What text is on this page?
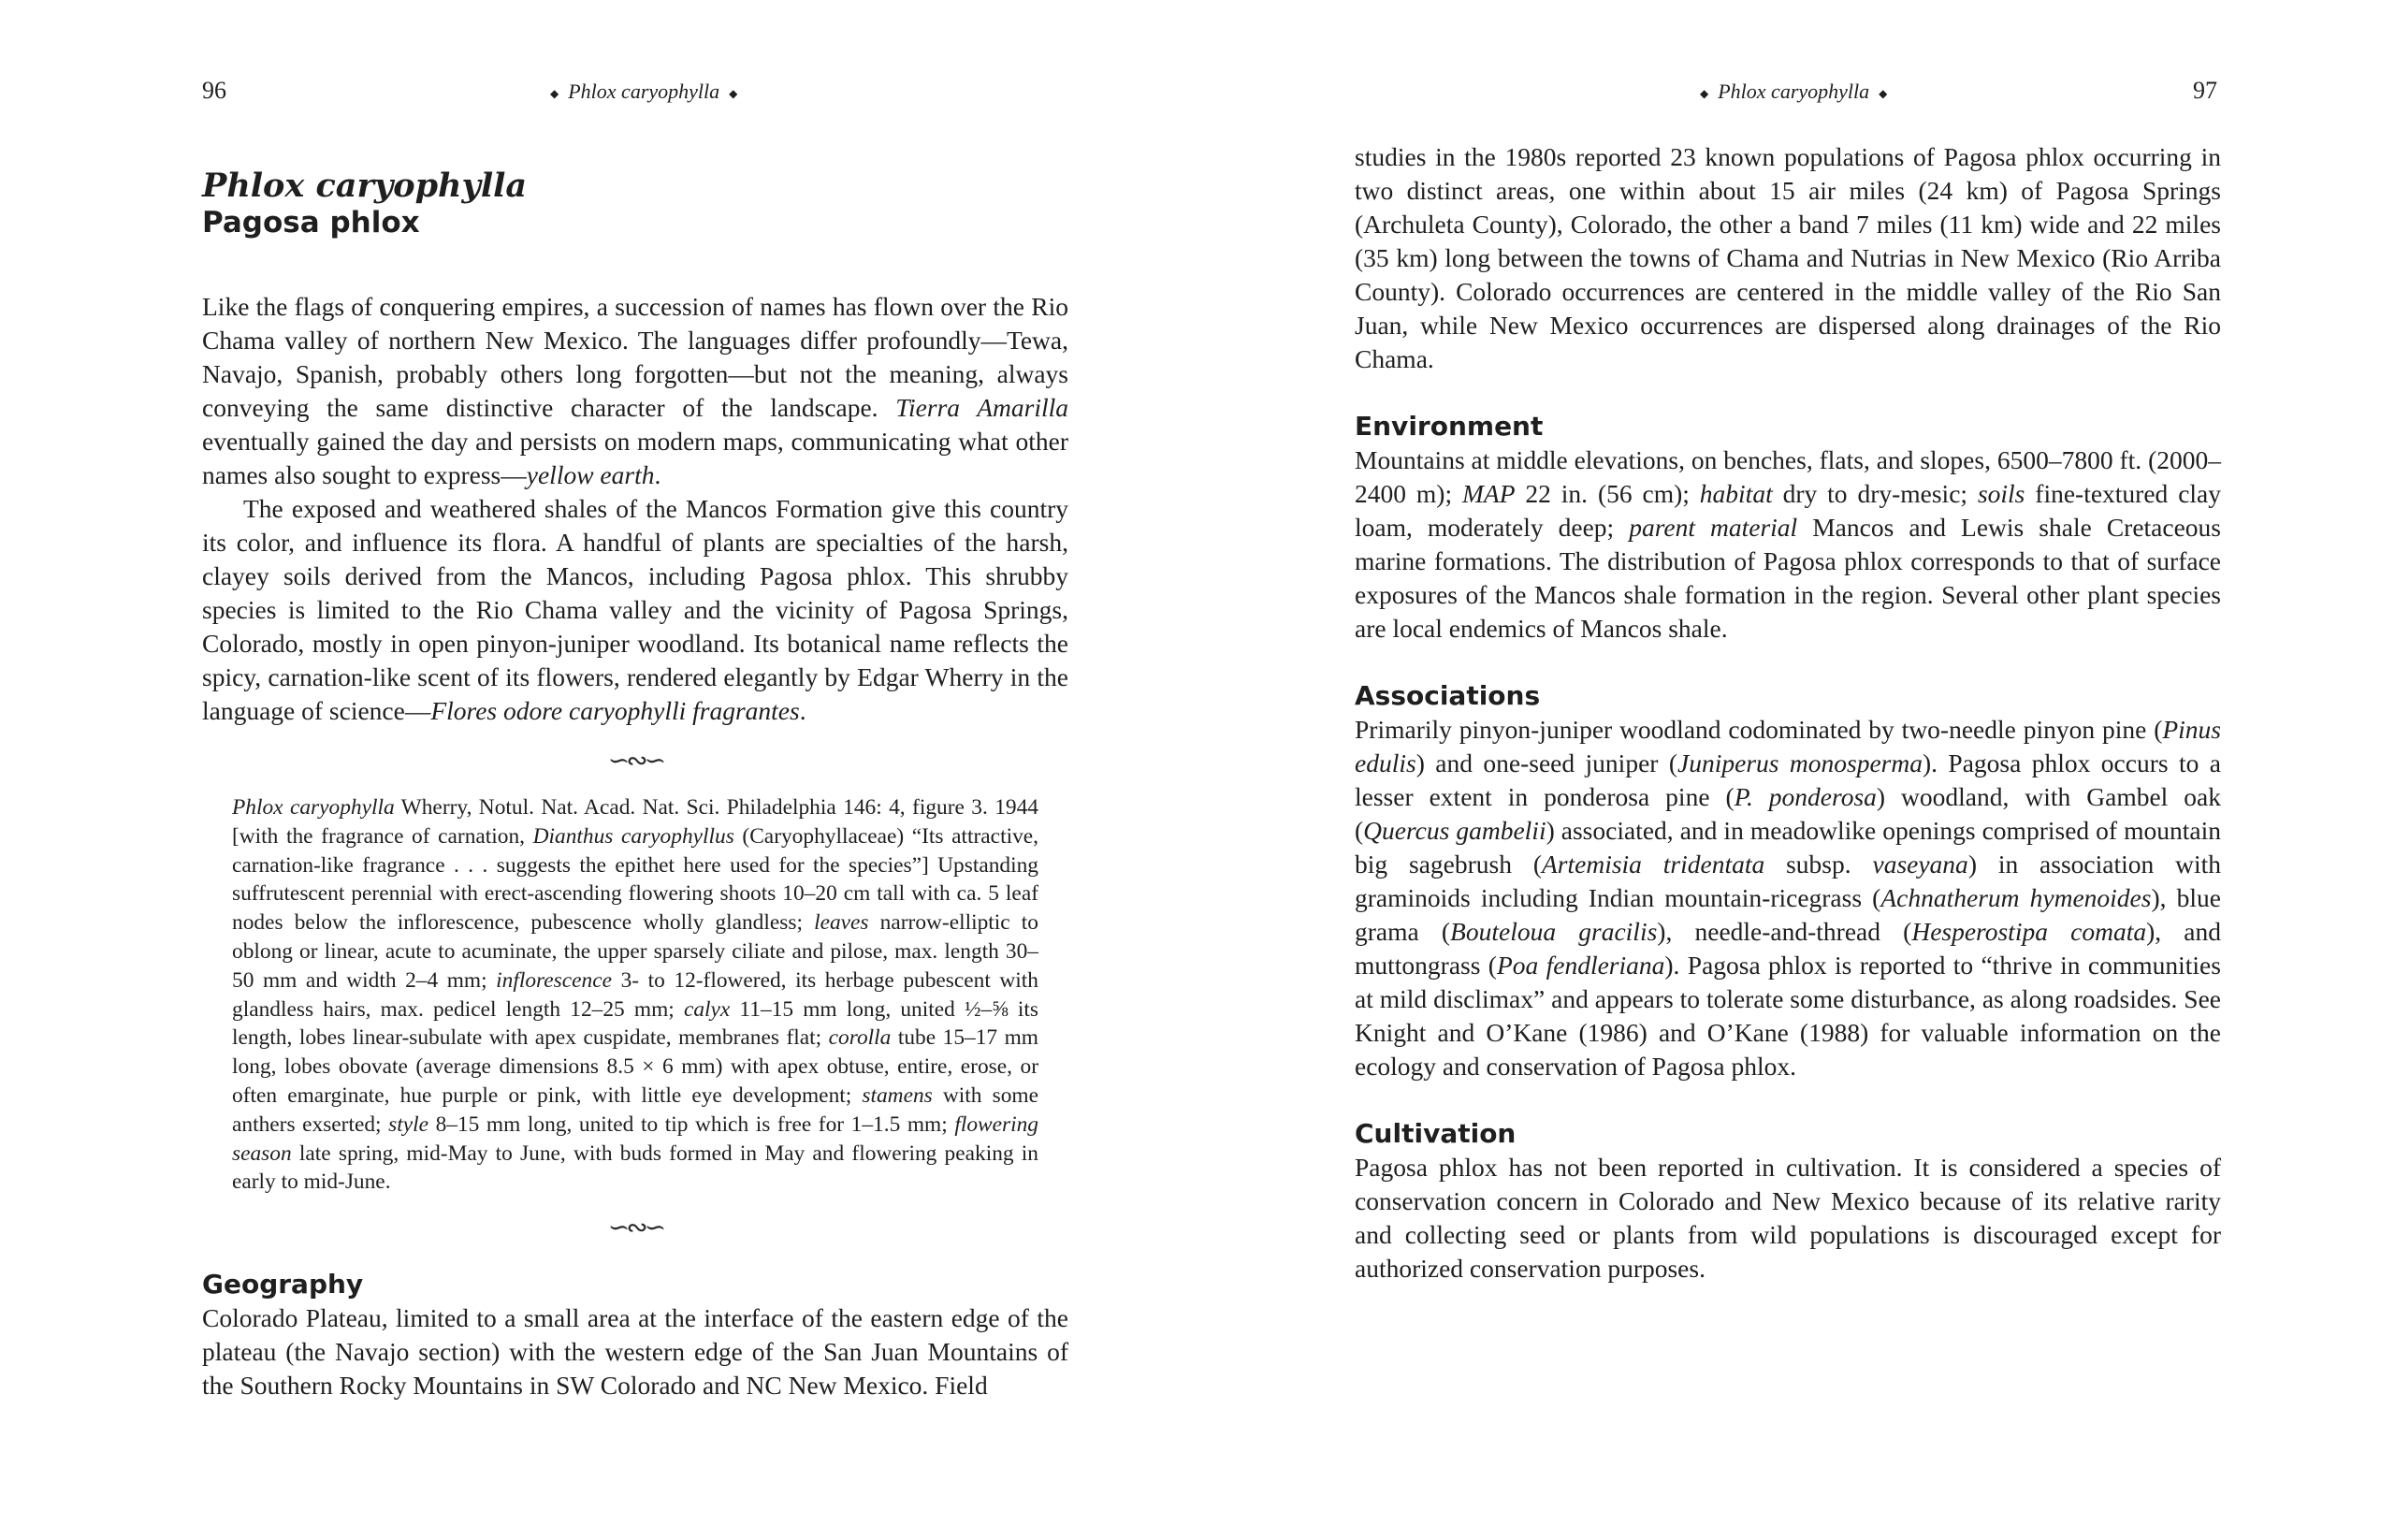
96	◆ Phlox caryophylla ◆
Phlox caryophylla
Pagosa phlox

Like the flags of conquering empires, a succession of names has flown over the Rio Chama valley of northern New Mexico. The languages differ profoundly—Tewa, Navajo, Spanish, probably others long forgotten—but not the meaning, always conveying the same distinctive character of the landscape. Tierra Amarilla eventually gained the day and persists on modern maps, communicating what other names also sought to express—yellow earth.

The exposed and weathered shales of the Mancos Formation give this country its color, and influence its flora. A handful of plants are specialties of the harsh, clayey soils derived from the Mancos, including Pagosa phlox. This shrubby species is limited to the Rio Chama valley and the vicinity of Pagosa Springs, Colorado, mostly in open pinyon-juniper woodland. Its botanical name reflects the spicy, carnation-like scent of its flowers, rendered elegantly by Edgar Wherry in the language of science—Flores odore caryophylli fragrantes.

∽∾∽

Phlox caryophylla Wherry, Notul. Nat. Acad. Nat. Sci. Philadelphia 146: 4, figure 3. 1944 [with the fragrance of carnation, Dianthus caryophyllus (Caryophyllaceae) “Its attractive, carnation-like fragrance . . . suggests the epithet here used for the species”] Upstanding suffrutescent perennial with erect-ascending flowering shoots 10–20 cm tall with ca. 5 leaf nodes below the inflorescence, pubescence wholly glandless; leaves narrow-elliptic to oblong or linear, acute to acuminate, the upper sparsely ciliate and pilose, max. length 30–50 mm and width 2–4 mm; inflorescence 3- to 12-flowered, its herbage pubescent with glandless hairs, max. pedicel length 12–25 mm; calyx 11–15 mm long, united ½–⅝ its length, lobes linear-subulate with apex cuspidate, membranes flat; corolla tube 15–17 mm long, lobes obovate (average dimensions 8.5 × 6 mm) with apex obtuse, entire, erose, or often emarginate, hue purple or pink, with little eye development; stamens with some anthers exserted; style 8–15 mm long, united to tip which is free for 1–1.5 mm; flowering season late spring, mid-May to June, with buds formed in May and flowering peaking in early to mid-June.

∽∾∽
Geography

Colorado Plateau, limited to a small area at the interface of the eastern edge of the plateau (the Navajo section) with the western edge of the San Juan Mountains of the Southern Rocky Mountains in SW Colorado and NC New Mexico. Field

◆ Phlox caryophylla ◆	97

studies in the 1980s reported 23 known populations of Pagosa phlox occurring in two distinct areas, one within about 15 air miles (24 km) of Pagosa Springs (Archuleta County), Colorado, the other a band 7 miles (11 km) wide and 22 miles (35 km) long between the towns of Chama and Nutrias in New Mexico (Rio Arriba County). Colorado occurrences are centered in the middle valley of the Rio San Juan, while New Mexico occurrences are dispersed along drainages of the Rio Chama.

Environment

Mountains at middle elevations, on benches, flats, and slopes, 6500–7800 ft. (2000–2400 m); MAP 22 in. (56 cm); habitat dry to dry-mesic; soils fine-textured clay loam, moderately deep; parent material Mancos and Lewis shale Cretaceous marine formations. The distribution of Pagosa phlox corresponds to that of surface exposures of the Mancos shale formation in the region. Several other plant species are local endemics of Mancos shale.

Associations

Primarily pinyon-juniper woodland codominated by two-needle pinyon pine (Pinus edulis) and one-seed juniper (Juniperus monosperma). Pagosa phlox occurs to a lesser extent in ponderosa pine (P. ponderosa) woodland, with Gambel oak (Quercus gambelii) associated, and in meadowlike openings comprised of mountain big sagebrush (Artemisia tridentata subsp. vaseyana) in association with graminoids including Indian mountain-ricegrass (Achnatherum hymenoides), blue grama (Bouteloua gracilis), needle-and-thread (Hesperostipa comata), and muttongrass (Poa fendleriana). Pagosa phlox is reported to “thrive in communities at mild disclimax” and appears to tolerate some disturbance, as along roadsides. See Knight and O’Kane (1986) and O’Kane (1988) for valuable information on the ecology and conservation of Pagosa phlox.

Cultivation

Pagosa phlox has not been reported in cultivation. It is considered a species of conservation concern in Colorado and New Mexico because of its relative rarity and collecting seed or plants from wild populations is discouraged except for authorized conservation purposes.
